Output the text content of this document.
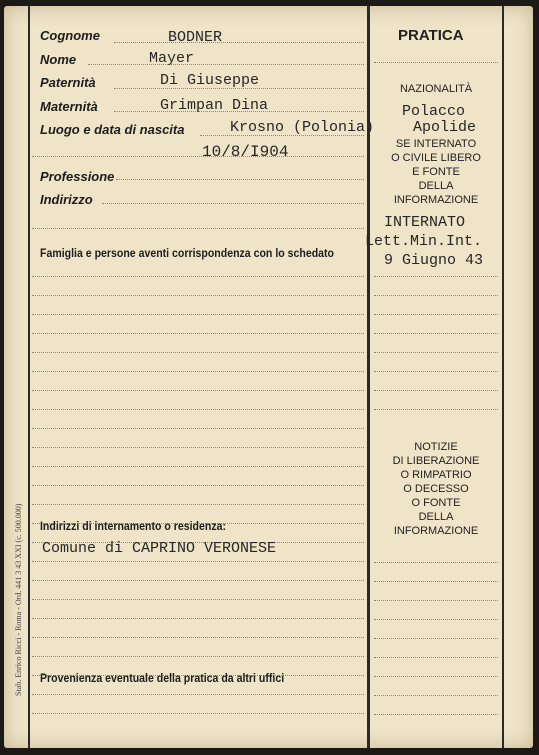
Stab. Enrico Ricci - Roma - Ord. 441 3 43 XXI (c. 500.000)
Cognome
Nome
Paternità
Maternità
Luogo e data di nascita
Professione
Indirizzo
Famiglia e persone aventi corrispondenza con lo schedato
Indirizzi di internamento o residenza:
Provenienza eventuale della pratica da altri uffici
BODNER
Mayer
Di Giuseppe
Grimpan Dina
Krosno (Polonia)
10/8/I904
Comune di CAPRINO VERONESE
PRATICA
NAZIONALITÀ
Polacco
Apolide
SE INTERNATO
O CIVILE LIBERO
E FONTE
DELLA
INFORMAZIONE
INTERNATO
Lett.Min.Int.
9 Giugno 43
NOTIZIE
DI LIBERAZIONE
O RIMPATRIO
O DECESSO
O FONTE
DELLA
INFORMAZIONE
